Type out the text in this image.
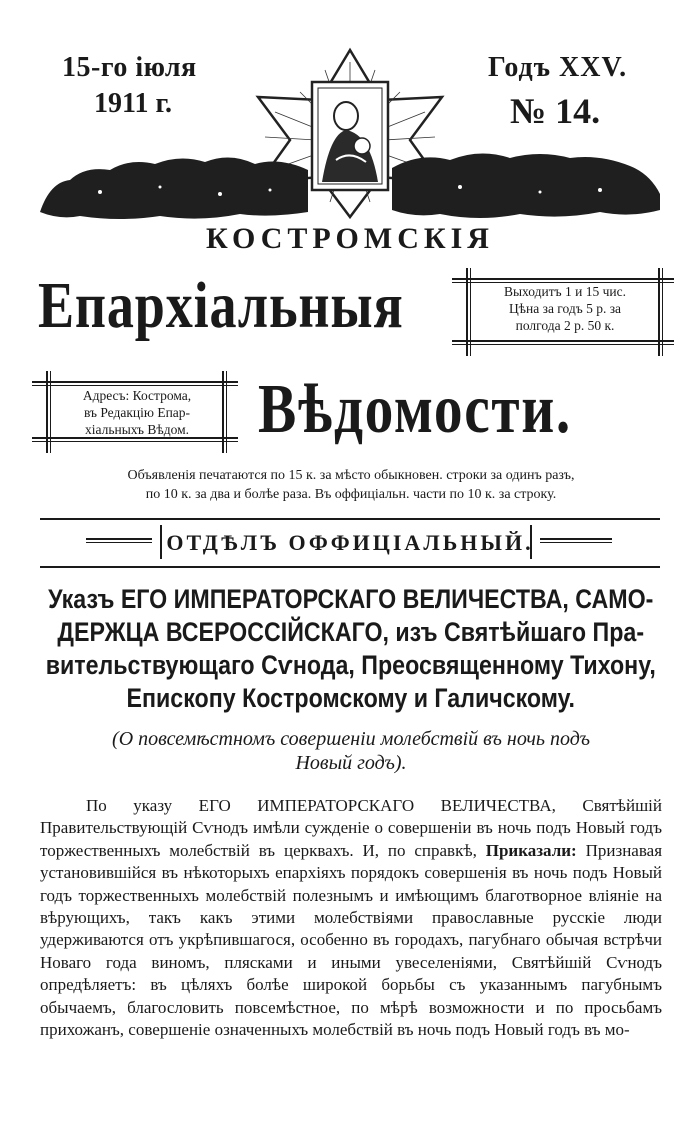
15-го іюля
1911 г.
Годъ XXV.
№ 14.
КОСТРОМСКІЯ
Епархіальныя
Вѣдомости.
Выходитъ 1 и 15 чис.
Цѣна за годъ 5 р. за
полгода 2 р. 50 к.
Адресъ: Кострома,
въ Редакцію Епар-
хіальныхъ Вѣдом.
Объявленія печатаются по 15 к. за мѣсто обыкновен. строки за одинъ разъ,
по 10 к. за два и болѣе раза. Въ оффиціальн. части по 10 к. за строку.
ОТДѢЛЪ ОФФИЦІАЛЬНЫЙ.
Указъ ЕГО ИМПЕРАТОРСКАГО ВЕЛИЧЕСТВА, САМО-
ДЕРЖЦА ВСЕРОССІЙСКАГО, изъ Святѣйшаго Пра-
вительствующаго Сѵнода, Преосвященному Тихону,
Епископу Костромскому и Галичскому.
(О повсемѣстномъ совершеніи молебствій въ ночь подъ
Новый годъ).
По указу ЕГО ИМПЕРАТОРСКАГО ВЕЛИЧЕСТВА, Святѣйшій Правительствующій Сѵнодъ имѣли сужденіе о совершеніи въ ночь подъ Новый годъ торжественныхъ молебствій въ церквахъ. И, по справкѣ, Приказали: Признавая установившійся въ нѣкоторыхъ епархіяхъ порядокъ совершенія въ ночь подъ Новый годъ торжественныхъ молебствій полезнымъ и имѣющимъ благотворное вліяніе на вѣрующихъ, такъ какъ этими молебствіями православные русскіе люди удерживаются отъ укрѣпившагося, особенно въ городахъ, пагубнаго обычая встрѣчи Новаго года виномъ, плясками и иными увеселеніями, Святѣйшій Сѵнодъ опредѣляетъ: въ цѣляхъ болѣе широкой борьбы съ указаннымъ пагубнымъ обычаемъ, благословить повсемѣстное, по мѣрѣ возможности и по просьбамъ прихожанъ, совершеніе означенныхъ молебствій въ ночь подъ Новый годъ въ мо-
